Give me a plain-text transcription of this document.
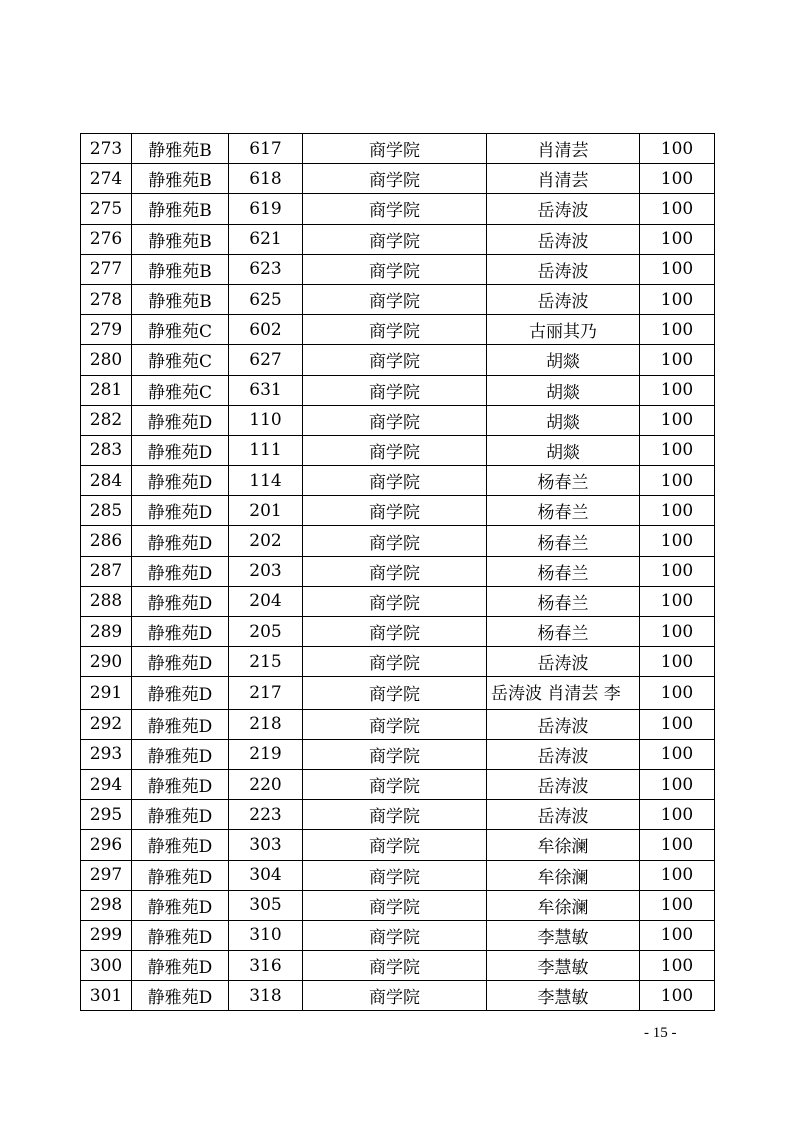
273	静雅苑B	617	商学院	肖清芸	100
274	静雅苑B	618	商学院	肖清芸	100
275	静雅苑B	619	商学院	岳涛波	100
276	静雅苑B	621	商学院	岳涛波	100
277	静雅苑B	623	商学院	岳涛波	100
278	静雅苑B	625	商学院	岳涛波	100
279	静雅苑C	602	商学院	古丽其乃	100
280	静雅苑C	627	商学院	胡燚	100
281	静雅苑C	631	商学院	胡燚	100
282	静雅苑D	110	商学院	胡燚	100
283	静雅苑D	111	商学院	胡燚	100
284	静雅苑D	114	商学院	杨春兰	100
285	静雅苑D	201	商学院	杨春兰	100
286	静雅苑D	202	商学院	杨春兰	100
287	静雅苑D	203	商学院	杨春兰	100
288	静雅苑D	204	商学院	杨春兰	100
289	静雅苑D	205	商学院	杨春兰	100
290	静雅苑D	215	商学院	岳涛波	100
291	静雅苑D	217	商学院	岳涛波 肖清芸 李	100
292	静雅苑D	218	商学院	岳涛波	100
293	静雅苑D	219	商学院	岳涛波	100
294	静雅苑D	220	商学院	岳涛波	100
295	静雅苑D	223	商学院	岳涛波	100
296	静雅苑D	303	商学院	牟徐澜	100
297	静雅苑D	304	商学院	牟徐澜	100
298	静雅苑D	305	商学院	牟徐澜	100
299	静雅苑D	310	商学院	李慧敏	100
300	静雅苑D	316	商学院	李慧敏	100
301	静雅苑D	318	商学院	李慧敏	100
- 15 -
